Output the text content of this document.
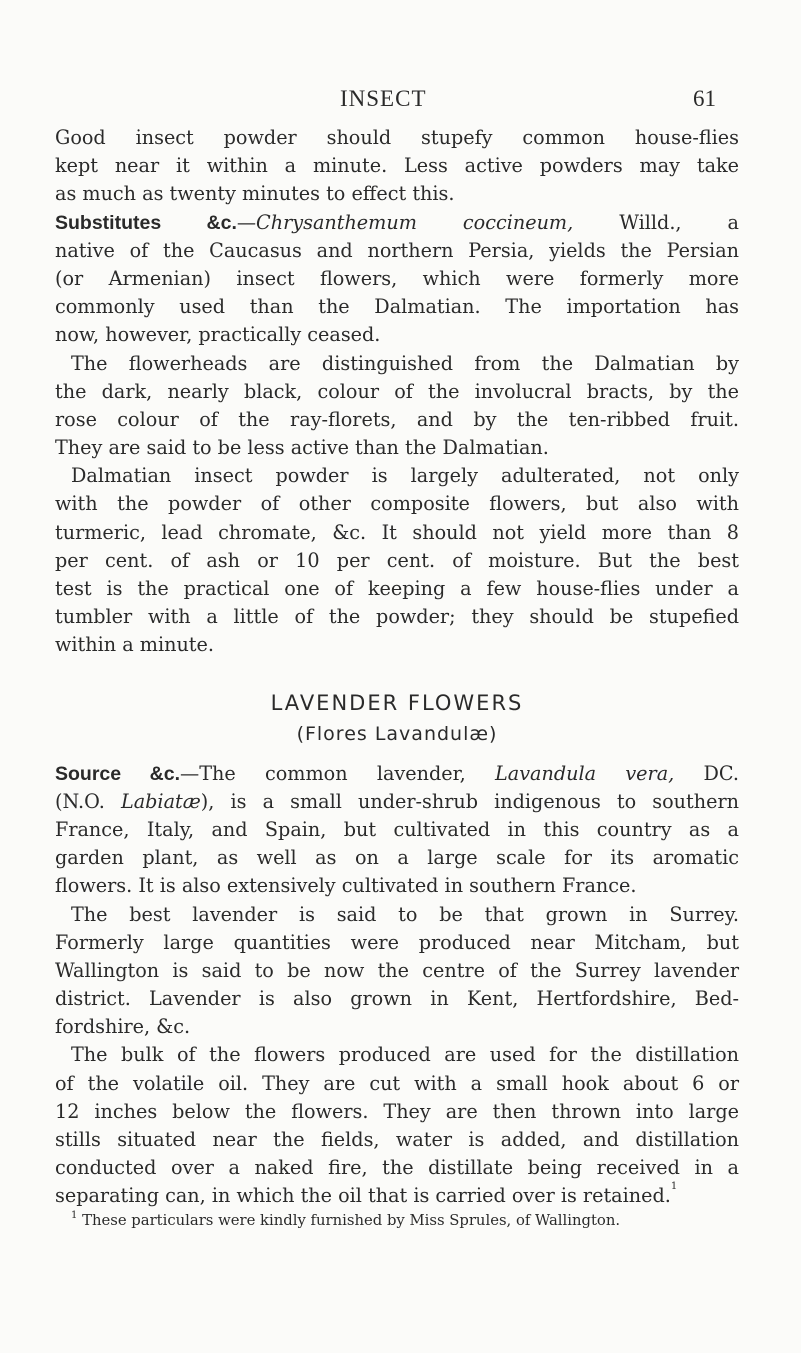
INSECT	61
Good insect powder should stupefy common house-flies
kept near it within a minute. Less active powders may take
as much as twenty minutes to effect this.
Substitutes &c.—Chrysanthemum coccineum, Willd., a
native of the Caucasus and northern Persia, yields the Persian
(or Armenian) insect flowers, which were formerly more
commonly used than the Dalmatian. The importation has
now, however, practically ceased.
The flowerheads are distinguished from the Dalmatian by
the dark, nearly black, colour of the involucral bracts, by the
rose colour of the ray-florets, and by the ten-ribbed fruit.
They are said to be less active than the Dalmatian.
Dalmatian insect powder is largely adulterated, not only
with the powder of other composite flowers, but also with
turmeric, lead chromate, &c. It should not yield more than 8
per cent. of ash or 10 per cent. of moisture. But the best
test is the practical one of keeping a few house-flies under a
tumbler with a little of the powder; they should be stupefied
within a minute.
LAVENDER FLOWERS
(Flores Lavandulæ)
Source &c.—The common lavender, Lavandula vera, DC.
(N.O. Labiatæ), is a small under-shrub indigenous to southern
France, Italy, and Spain, but cultivated in this country as a
garden plant, as well as on a large scale for its aromatic
flowers. It is also extensively cultivated in southern France.
The best lavender is said to be that grown in Surrey.
Formerly large quantities were produced near Mitcham, but
Wallington is said to be now the centre of the Surrey lavender
district. Lavender is also grown in Kent, Hertfordshire, Bed-
fordshire, &c.
The bulk of the flowers produced are used for the distillation
of the volatile oil. They are cut with a small hook about 6 or
12 inches below the flowers. They are then thrown into large
stills situated near the fields, water is added, and distillation
conducted over a naked fire, the distillate being received in a
separating can, in which the oil that is carried over is retained.$^1$
$^1$ These particulars were kindly furnished by Miss Sprules, of Wallington.
